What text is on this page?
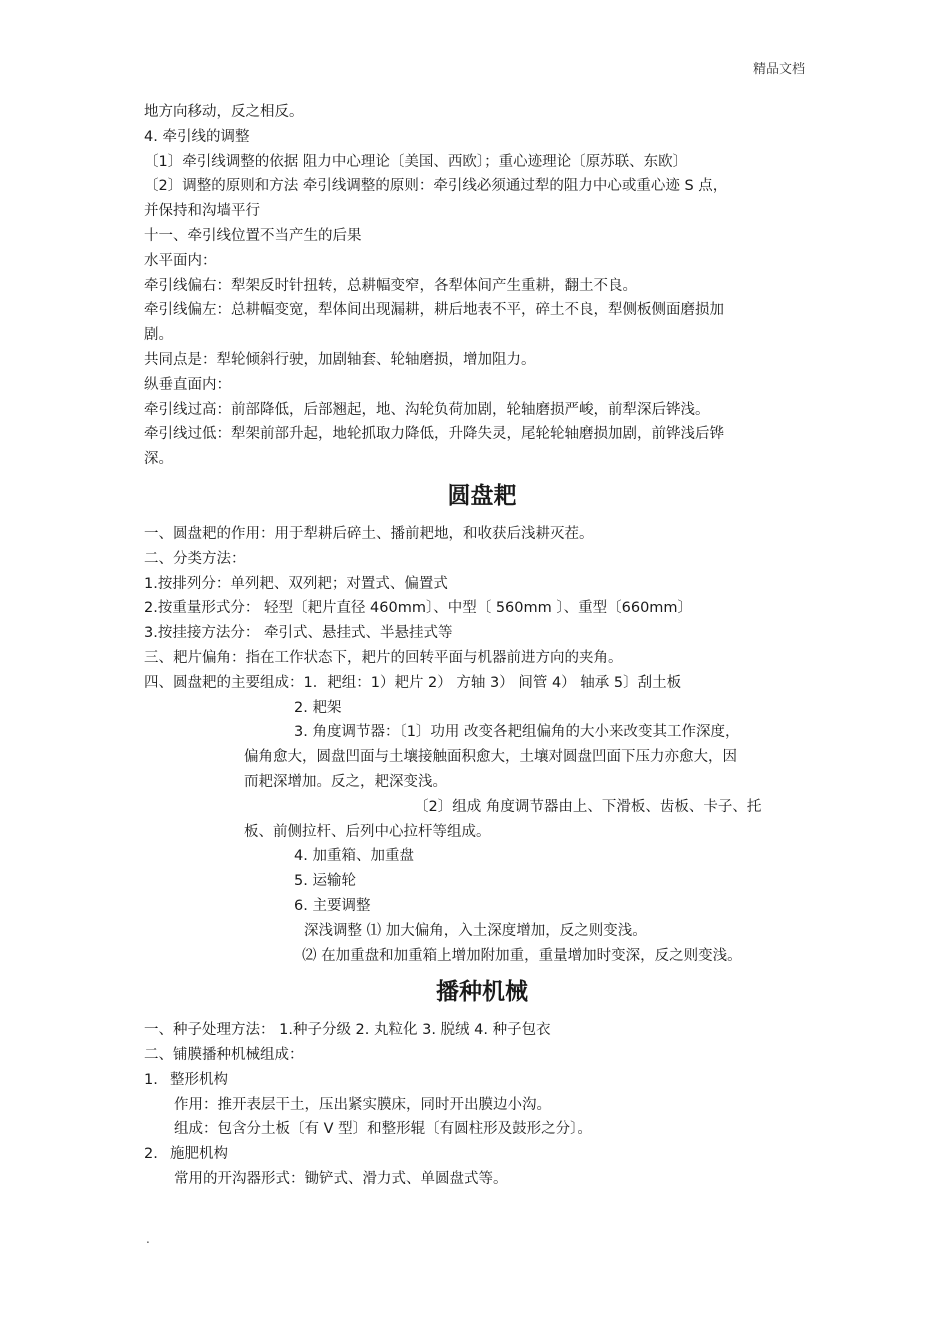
精品文档
地方向移动，反之相反。
4. 牵引线的调整
〔1〕牵引线调整的依据 阻力中心理论〔美国、西欧〕；重心迹理论〔原苏联、东欧〕
〔2〕调整的原则和方法 牵引线调整的原则：牵引线必须通过犁的阻力中心或重心迹 S 点，
并保持和沟墙平行
十一、牵引线位置不当产生的后果
水平面内：
牵引线偏右：犁架反时针扭转，总耕幅变窄，各犁体间产生重耕，翻土不良。
牵引线偏左：总耕幅变宽，犁体间出现漏耕，耕后地表不平，碎土不良，犁侧板侧面磨损加
剧。
共同点是：犁轮倾斜行驶，加剧轴套、轮轴磨损，增加阻力。
纵垂直面内：
牵引线过高：前部降低，后部翘起，地、沟轮负荷加剧，轮轴磨损严峻，前犁深后铧浅。
牵引线过低：犁架前部升起，地轮抓取力降低，升降失灵，尾轮轮轴磨损加剧，前铧浅后铧
深。
圆盘耙
一、圆盘耙的作用：用于犁耕后碎土、播前耙地，和收获后浅耕灭茬。
二、分类方法：
1.按排列分：单列耙、双列耙；对置式、偏置式
2.按重量形式分： 轻型〔耙片直径 460mm〕、中型〔 560mm 〕、重型〔660mm〕
3.按挂接方法分： 牵引式、悬挂式、半悬挂式等
三、耙片偏角：指在工作状态下，耙片的回转平面与机器前进方向的夹角。
四、圆盘耙的主要组成：1．耙组：1）耙片 2） 方轴 3） 间管 4） 轴承 5〕刮土板
2. 耙架
3. 角度调节器：〔1〕功用 改变各耙组偏角的大小来改变其工作深度，
偏角愈大，圆盘凹面与土壤接触面积愈大，土壤对圆盘凹面下压力亦愈大，因
而耙深增加。反之，耙深变浅。
〔2〕组成 角度调节器由上、下滑板、齿板、卡子、托
板、前侧拉杆、后列中心拉杆等组成。
4. 加重箱、加重盘
5. 运输轮
6. 主要调整
深浅调整 ⑴ 加大偏角，入土深度增加，反之则变浅。
⑵ 在加重盘和加重箱上增加附加重，重量增加时变深，反之则变浅。
播种机械
一、种子处理方法： 1.种子分级 2. 丸粒化 3. 脱绒 4. 种子包衣
二、铺膜播种机械组成：
1. 整形机构
作用：推开表层干土，压出紧实膜床，同时开出膜边小沟。
组成：包含分土板〔有 V 型〕和整形辊〔有圆柱形及鼓形之分〕。
2. 施肥机构
常用的开沟器形式：锄铲式、滑力式、单圆盘式等。
.
